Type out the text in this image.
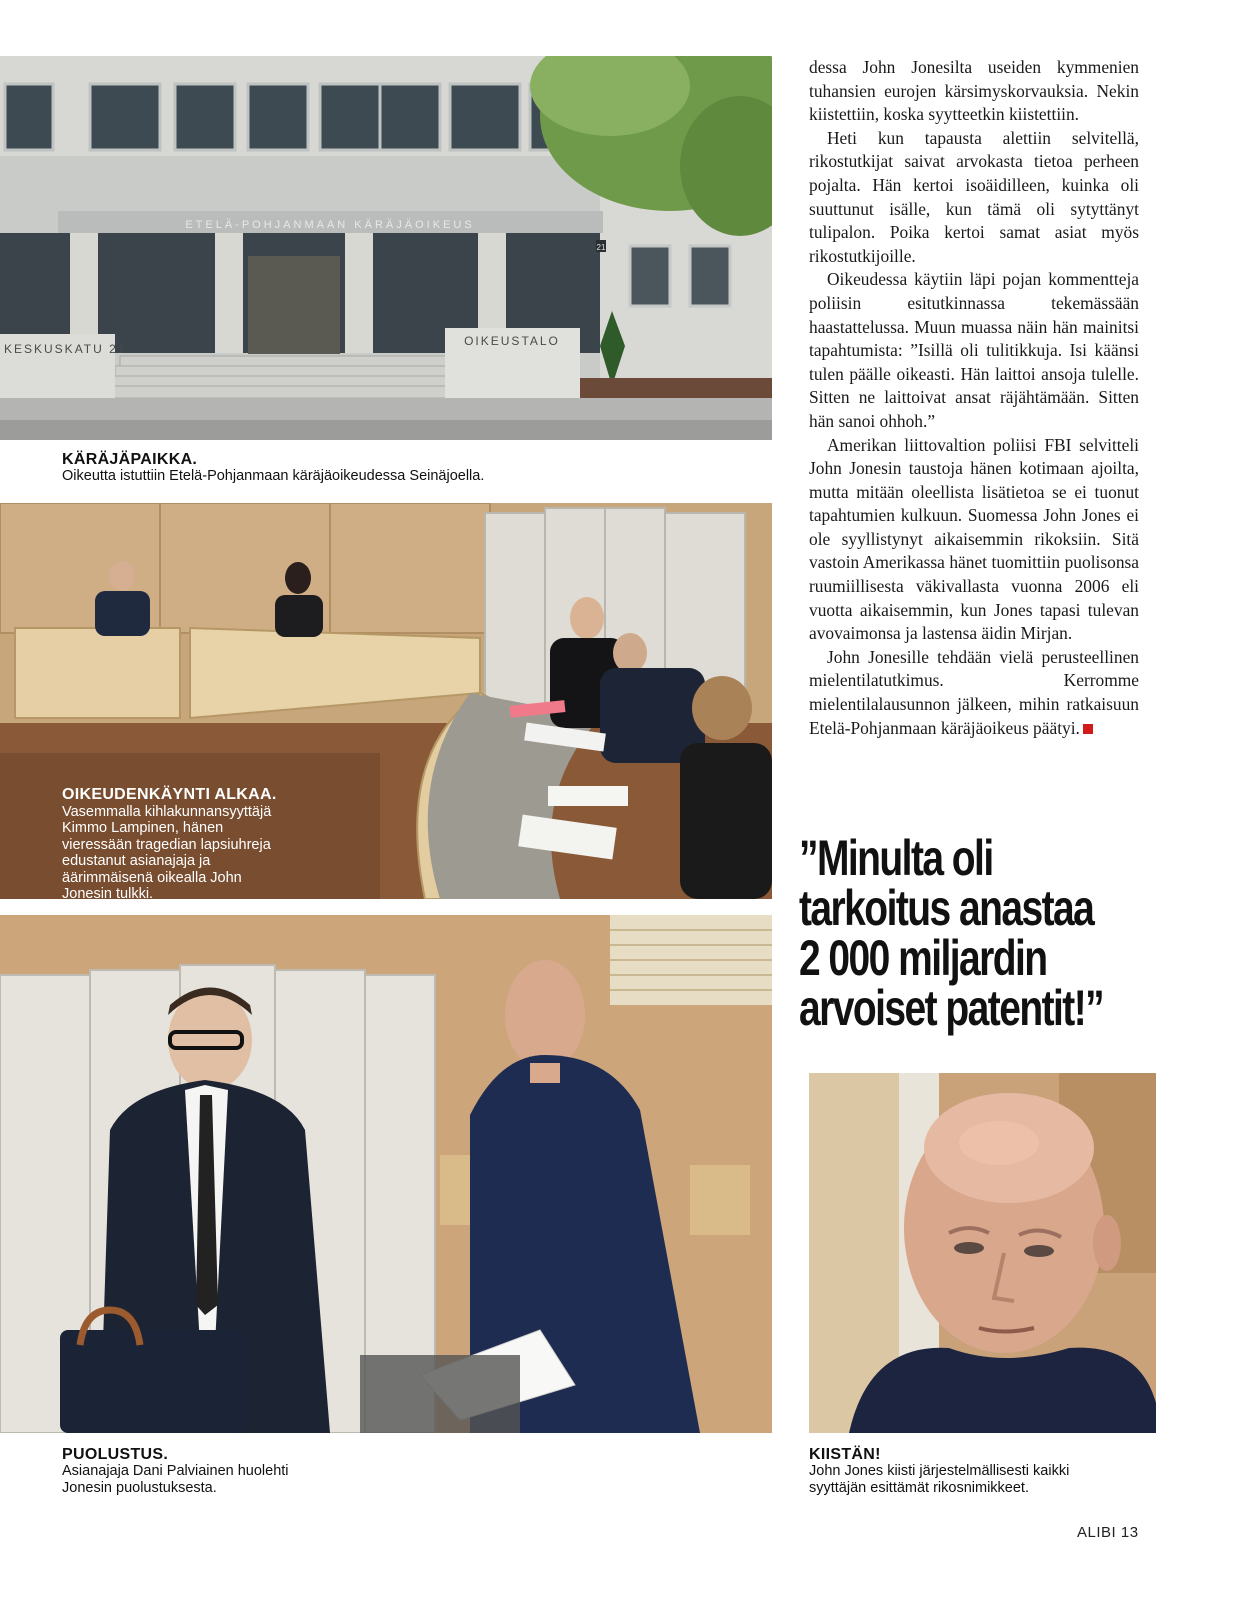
ETELÄ-POHJANMAAN KÄRÄJÄOIKEUS
21
KESKUSKATU 21
OIKEUSTALO
KÄRÄJÄPAIKKA.
Oikeutta istuttiin Etelä-Pohjanmaan käräjäoikeudessa Seinäjoella.
OIKEUDENKÄYNTI ALKAA.
Vasemmalla kihlakunnansyyttäjä
Kimmo Lampinen, hänen
vieressään tragedian lapsiuhreja
edustanut asianajaja ja
äärimmäisenä oikealla John
Jonesin tulkki.
PUOLUSTUS.
Asianajaja Dani Palviainen huolehti
Jonesin puolustuksesta.

dessa John Jonesilta useiden kymmenien tuhansien eurojen kärsimyskorvauksia. Nekin kiistettiin, koska syytteetkin kiistettiin.

Heti kun tapausta alettiin selvitellä, rikostutkijat saivat arvokasta tietoa perheen pojalta. Hän kertoi isoäidilleen, kuinka oli suuttunut isälle, kun tämä oli sytyttänyt tulipalon. Poika kertoi samat asiat myös rikostutkijoille.

Oikeudessa käytiin läpi pojan kommentteja poliisin esitutkinnassa tekemässään haastattelussa. Muun muassa näin hän mainitsi tapahtumista: ”Isillä oli tulitikkuja. Isi käänsi tulen päälle oikeasti. Hän laittoi ansoja tulelle. Sitten ne laittoivat ansat räjähtämään. Sitten hän sanoi ohhoh.”

Amerikan liittovaltion poliisi FBI selvitteli John Jonesin taustoja hänen kotimaan ajoilta, mutta mitään oleellista lisätietoa se ei tuonut tapahtumien kulkuun. Suomessa John Jones ei ole syyllistynyt aikaisemmin rikoksiin. Sitä vastoin Amerikassa hänet tuomittiin puolisonsa ruumiillisesta väkivallasta vuonna 2006 eli vuotta aikaisemmin, kun Jones tapasi tulevan avovaimonsa ja lastensa äidin Mirjan.

John Jonesille tehdään vielä perusteellinen mielentilatutkimus. Kerromme mielentilalausunnon jälkeen, mihin ratkaisuun Etelä-Pohjanmaan käräjäoikeus päätyi.

”Minulta oli
tarkoitus anastaa
2 000 miljardin
arvoiset patentit!”
KIISTÄN!
John Jones kiisti järjestelmällisesti kaikki
syyttäjän esittämät rikosnimikkeet.
ALIBI 13
